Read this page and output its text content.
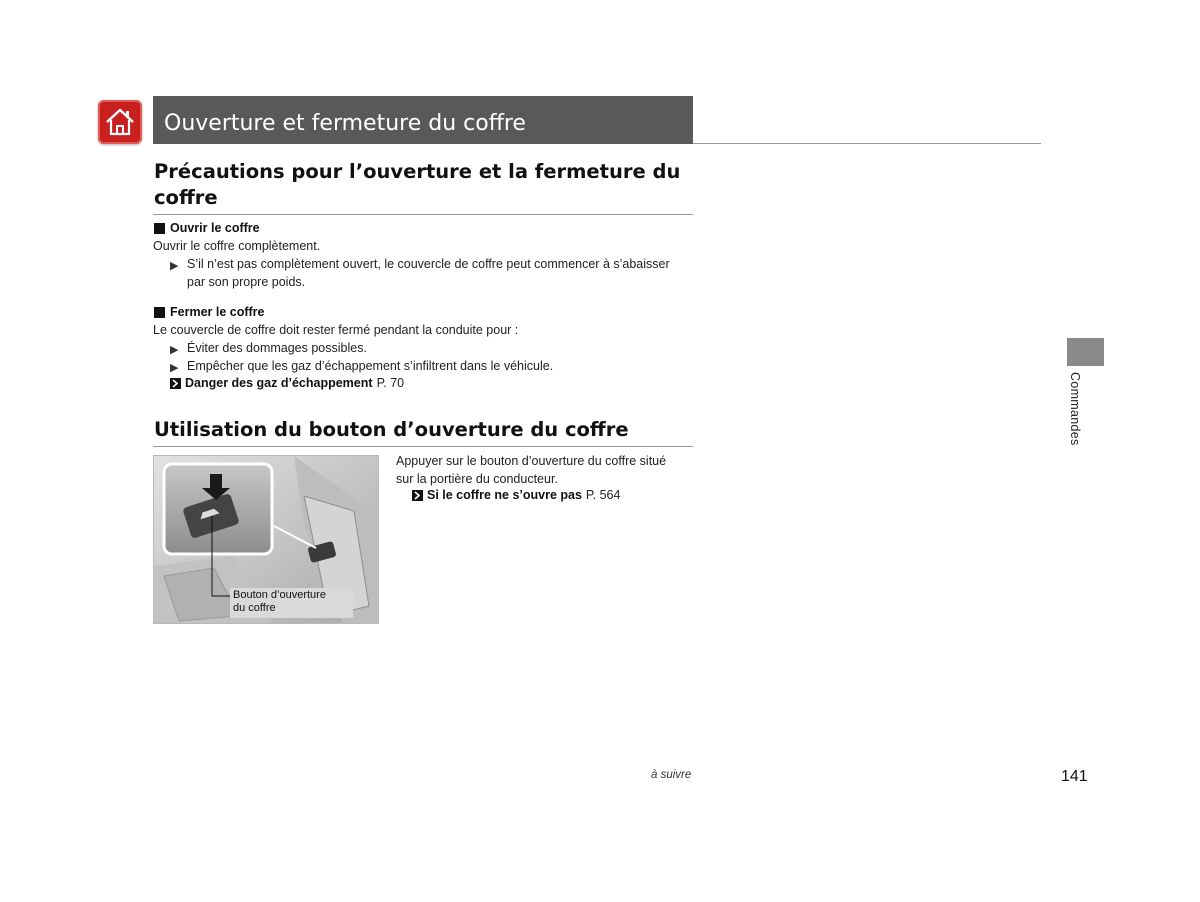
Ouverture et fermeture du coffre
Précautions pour l’ouverture et la fermeture du
coffre
Ouvrir le coffre
Ouvrir le coffre complètement.
▶ S’il n’est pas complètement ouvert, le couvercle de coffre peut commencer à s’abaisser
par son propre poids.
Fermer le coffre
Le couvercle de coffre doit rester fermé pendant la conduite pour :
▶ Éviter des dommages possibles.
▶ Empêcher que les gaz d’échappement s’infiltrent dans le véhicule.
Danger des gaz d’échappement P. 70
Utilisation du bouton d’ouverture du coffre
Bouton d’ouverture
du coffre
Appuyer sur le bouton d’ouverture du coffre situé
sur la portière du conducteur.
Si le coffre ne s’ouvre pas P. 564
Commandes
à suivre	141
